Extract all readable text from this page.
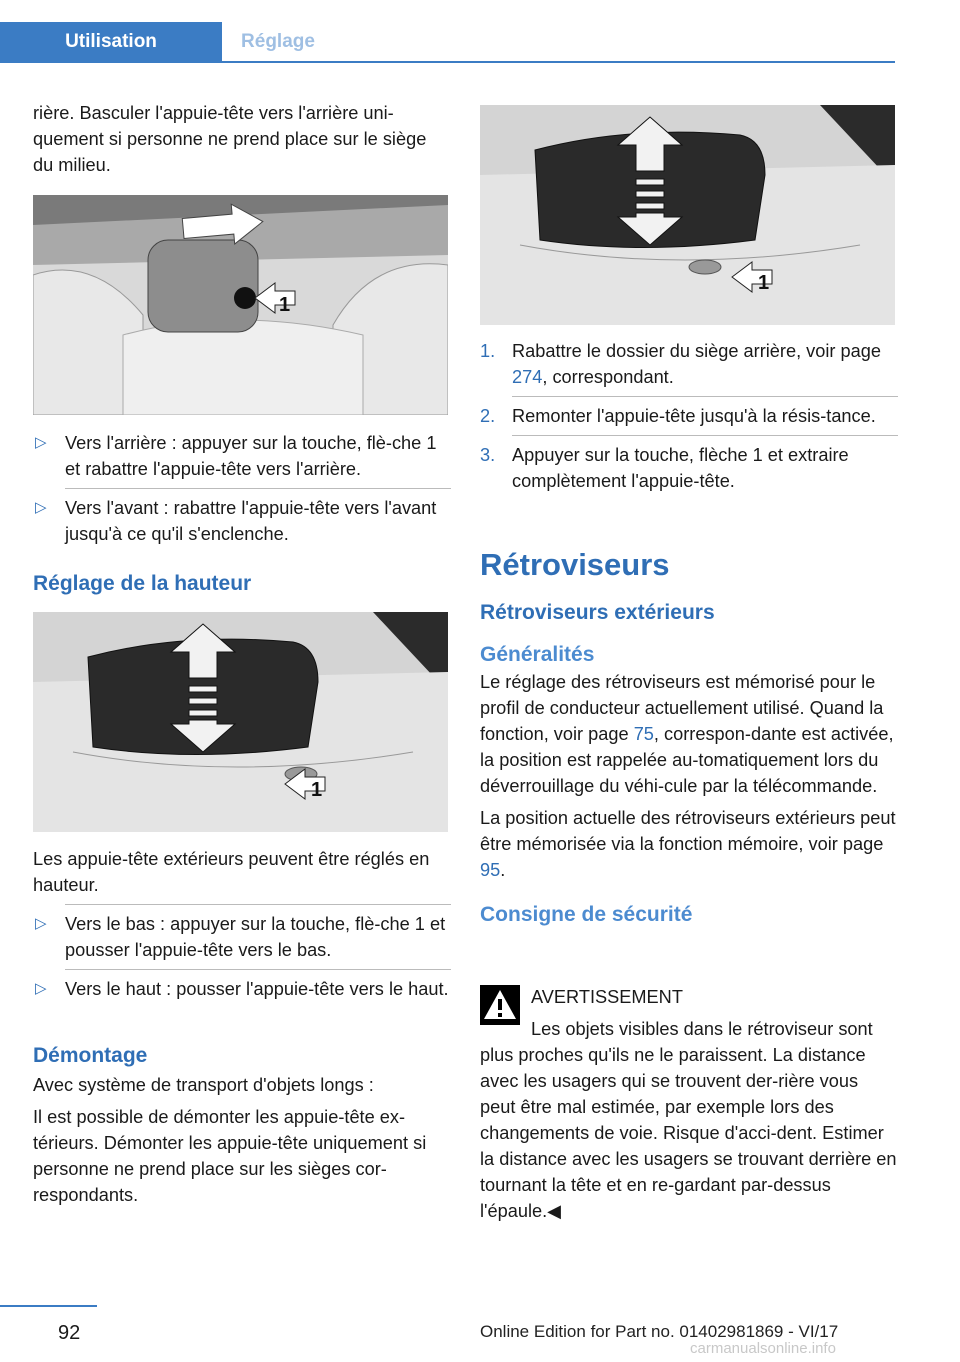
Utilisation	Réglage

rière. Basculer l'appuie-tête vers l'arrière uni-quement si personne ne prend place sur le siège du milieu.

1
▷ Vers l'arrière : appuyer sur la touche, flè-che 1 et rabattre l'appuie-tête vers l'arrière.
▷ Vers l'avant : rabattre l'appuie-tête vers l'avant jusqu'à ce qu'il s'enclenche.

Réglage de la hauteur

1

Les appuie-tête extérieurs peuvent être réglés en hauteur.

▷ Vers le bas : appuyer sur la touche, flè-che 1 et pousser l'appuie-tête vers le bas.
▷ Vers le haut : pousser l'appuie-tête vers le haut.

Démontage

Avec système de transport d'objets longs :

Il est possible de démonter les appuie-tête ex-térieurs. Démonter les appuie-tête uniquement si personne ne prend place sur les sièges cor-respondants.

1
1. Rabattre le dossier du siège arrière, voir page 274, correspondant.
2. Remonter l'appuie-tête jusqu'à la résis-tance.
3. Appuyer sur la touche, flèche 1 et extraire complètement l'appuie-tête.

Rétroviseurs

Rétroviseurs extérieurs

Généralités

Le réglage des rétroviseurs est mémorisé pour le profil de conducteur actuellement utilisé. Quand la fonction, voir page 75, correspon-dante est activée, la position est rappelée au-tomatiquement lors du déverrouillage du véhi-cule par la télécommande.

La position actuelle des rétroviseurs extérieurs peut être mémorisée via la fonction mémoire, voir page 95.

Consigne de sécurité

AVERTISSEMENT

Les objets visibles dans le rétroviseur sont plus proches qu'ils ne le paraissent. La distance avec les usagers qui se trouvent der-rière vous peut être mal estimée, par exemple lors des changements de voie. Risque d'acci-dent. Estimer la distance avec les usagers se trouvant derrière en tournant la tête et en re-gardant par-dessus l'épaule.◀

92	Online Edition for Part no. 01402981869 - VI/17
carmanualsonline.info
